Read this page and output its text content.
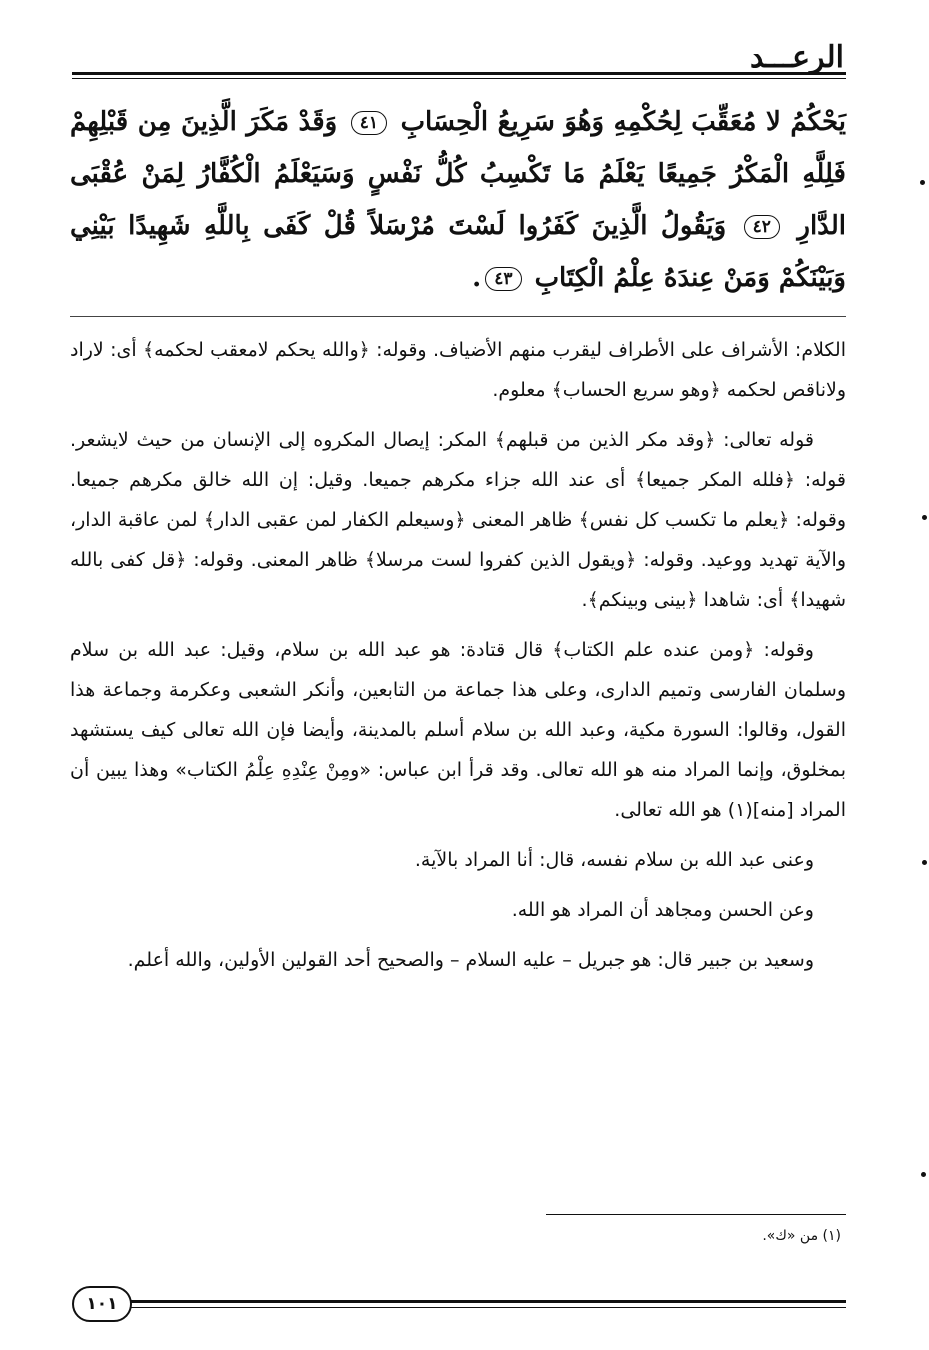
الرعـــد

يَحْكُمُ لا مُعَقِّبَ لِحُكْمِهِ وَهُوَ سَرِيعُ الْحِسَابِ ٤١ وَقَدْ مَكَرَ الَّذِينَ مِن قَبْلِهِمْ فَلِلَّهِ الْمَكْرُ جَمِيعًا يَعْلَمُ مَا تَكْسِبُ كُلُّ نَفْسٍ وَسَيَعْلَمُ الْكُفَّارُ لِمَنْ عُقْبَى الدَّارِ ٤٢ وَيَقُولُ الَّذِينَ كَفَرُوا لَسْتَ مُرْسَلاً قُلْ كَفَى بِاللَّهِ شَهِيدًا بَيْنِي وَبَيْنَكُمْ وَمَنْ عِندَهُ عِلْمُ الْكِتَابِ ٤٣.

الكلام: الأشراف على الأطراف ليقرب منهم الأضياف. وقوله: ﴿والله يحكم لامعقب لحكمه﴾ أى: لاراد ولاناقص لحكمه ﴿وهو سريع الحساب﴾ معلوم.

قوله تعالى: ﴿وقد مكر الذين من قبلهم﴾ المكر: إيصال المكروه إلى الإنسان من حيث لايشعر. قوله: ﴿فلله المكر جميعا﴾ أى عند الله جزاء مكرهم جميعا. وقيل: إن الله خالق مكرهم جميعا. وقوله: ﴿يعلم ما تكسب كل نفس﴾ ظاهر المعنى ﴿وسيعلم الكفار لمن عقبى الدار﴾ لمن عاقبة الدار، والآية تهديد ووعيد. وقوله: ﴿ويقول الذين كفروا لست مرسلا﴾ ظاهر المعنى. وقوله: ﴿قل كفى بالله شهيدا﴾ أى: شاهدا ﴿بينى وبينكم﴾.

وقوله: ﴿ومن عنده علم الكتاب﴾ قال قتادة: هو عبد الله بن سلام، وقيل: عبد الله بن سلام وسلمان الفارسى وتميم الدارى، وعلى هذا جماعة من التابعين، وأنكر الشعبى وعكرمة وجماعة هذا القول، وقالوا: السورة مكية، وعبد الله بن سلام أسلم بالمدينة، وأيضا فإن الله تعالى كيف يستشهد بمخلوق، وإنما المراد منه هو الله تعالى. وقد قرأ ابن عباس: «ومِنْ عِنْدِهِ عِلْمُ الكتاب» وهذا يبين أن المراد [منه](١) هو الله تعالى.

وعنى عبد الله بن سلام نفسه، قال: أنا المراد بالآية.

وعن الحسن ومجاهد أن المراد هو الله.

وسعيد بن جبير قال: هو جبريل – عليه السلام – والصحيح أحد القولين الأولين، والله أعلم.

(١) من «ك».
١٠١
